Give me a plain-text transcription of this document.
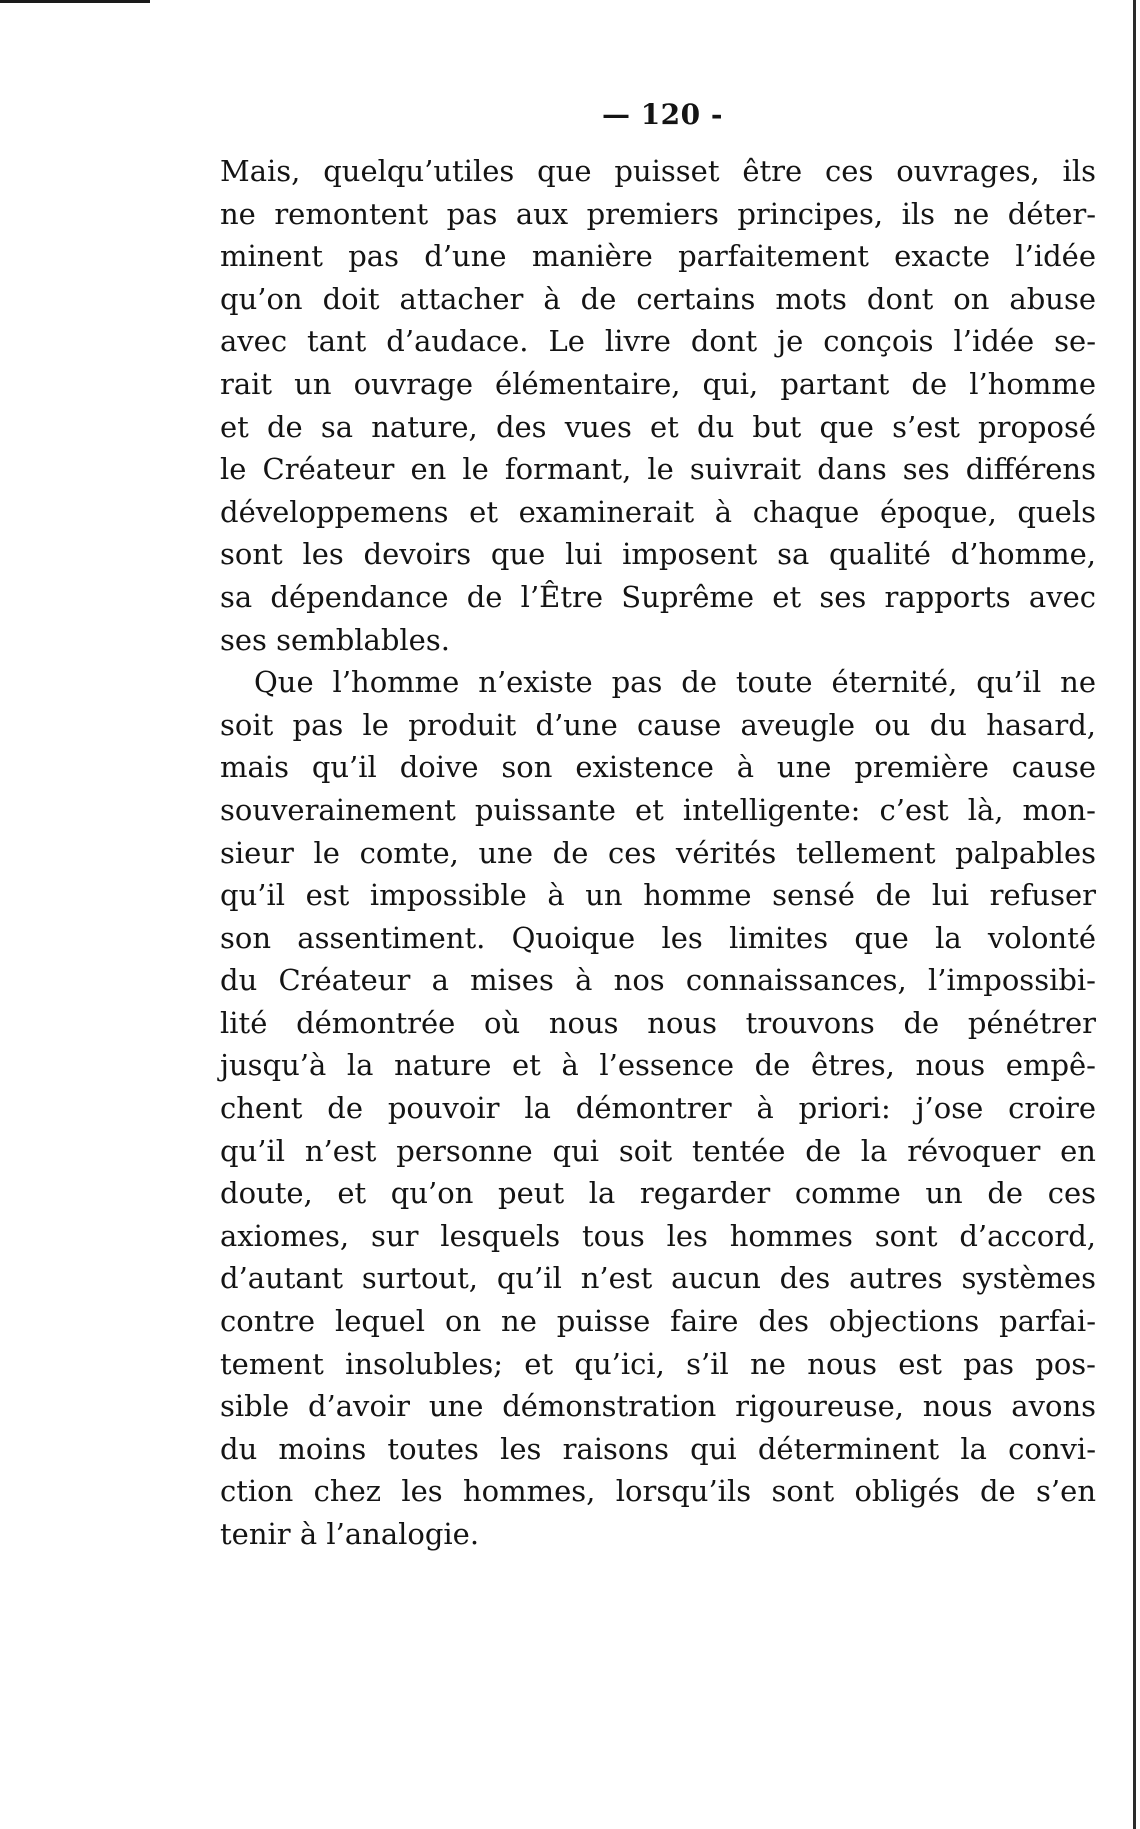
— 120 -
Mais, quelqu’utiles que puisset être ces ouvrages, ils
ne remontent pas aux premiers principes, ils ne déter-
minent pas d’une manière parfaitement exacte l’idée
qu’on doit attacher à de certains mots dont on abuse
avec tant d’audace. Le livre dont je conçois l’idée se-
rait un ouvrage élémentaire, qui, partant de l’homme
et de sa nature, des vues et du but que s’est proposé
le Créateur en le formant, le suivrait dans ses différens
développemens et examinerait à chaque époque, quels
sont les devoirs que lui imposent sa qualité d’homme,
sa dépendance de l’Être Suprême et ses rapports avec
ses semblables.
Que l’homme n’existe pas de toute éternité, qu’il ne
soit pas le produit d’une cause aveugle ou du hasard,
mais qu’il doive son existence à une première cause
souverainement puissante et intelligente: c’est là, mon-
sieur le comte, une de ces vérités tellement palpables
qu’il est impossible à un homme sensé de lui refuser
son assentiment. Quoique les limites que la volonté
du Créateur a mises à nos connaissances, l’impossibi-
lité démontrée où nous nous trouvons de pénétrer
jusqu’à la nature et à l’essence de êtres, nous empê-
chent de pouvoir la démontrer à priori: j’ose croire
qu’il n’est personne qui soit tentée de la révoquer en
doute, et qu’on peut la regarder comme un de ces
axiomes, sur lesquels tous les hommes sont d’accord,
d’autant surtout, qu’il n’est aucun des autres systèmes
contre lequel on ne puisse faire des objections parfai-
tement insolubles; et qu’ici, s’il ne nous est pas pos-
sible d’avoir une démonstration rigoureuse, nous avons
du moins toutes les raisons qui déterminent la convi-
ction chez les hommes, lorsqu’ils sont obligés de s’en
tenir à l’analogie.
